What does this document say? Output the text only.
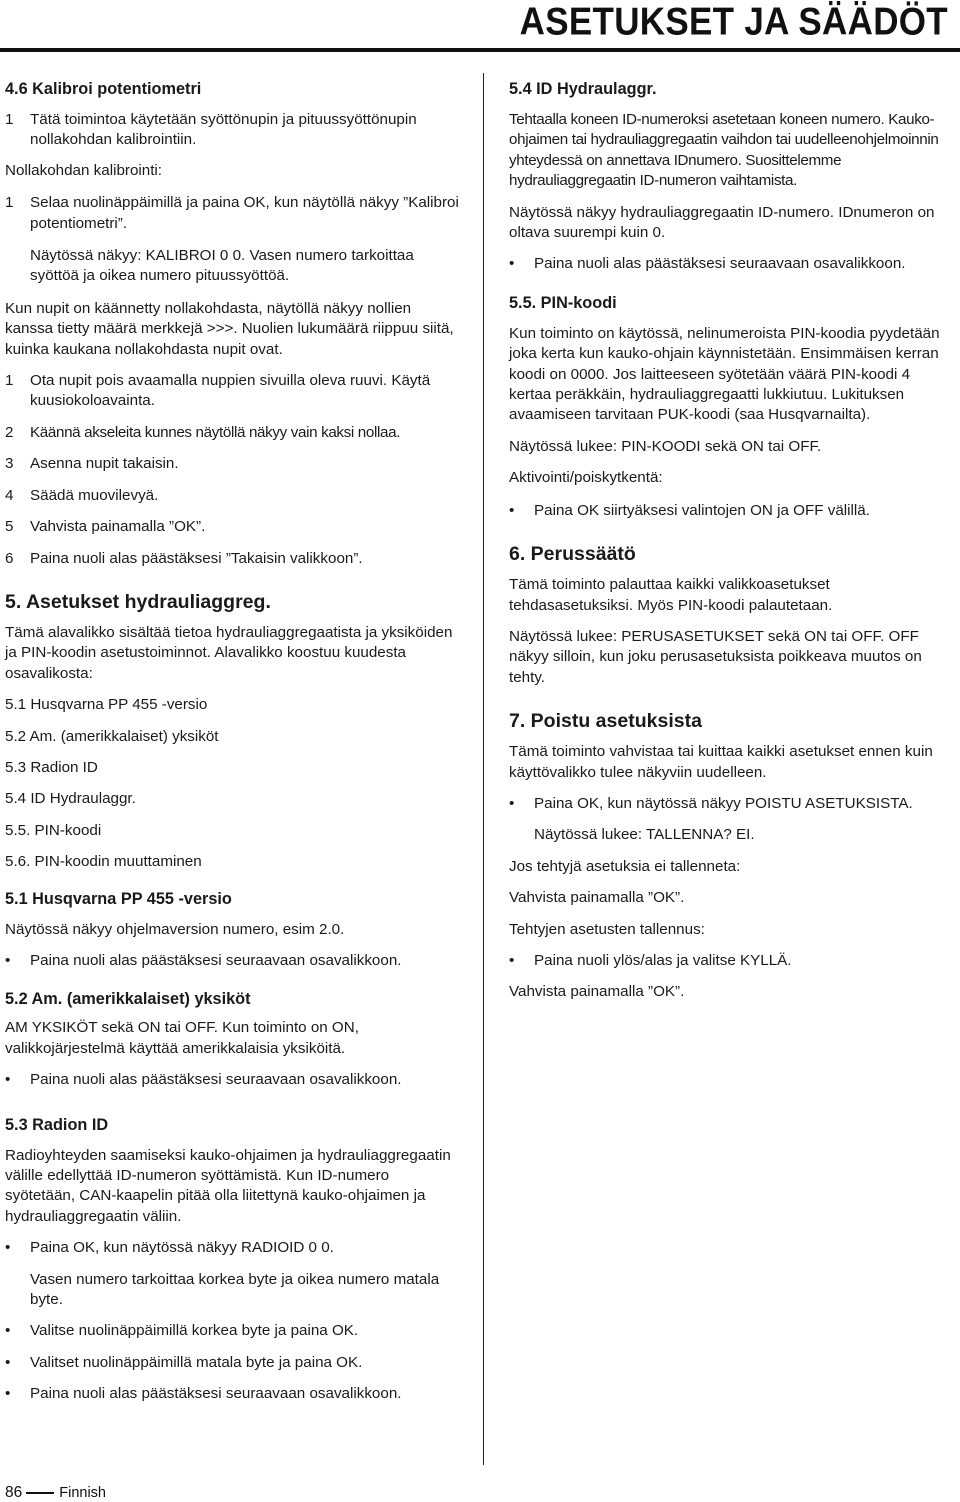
ASETUKSET JA SÄÄDÖT
4.6 Kalibroi potentiometri
1	Tätä toimintoa käytetään syöttönupin ja pituussyöttönupin nollakohdan kalibrointiin.

Nollakohdan kalibrointi:

1	Selaa nuolinäppäimillä ja paina OK, kun näytöllä näkyy ”Kalibroi potentiometri”.

Näytössä näkyy: KALIBROI 0 0. Vasen numero tarkoittaa syöttöä ja oikea numero pituussyöttöä.

Kun nupit on käännetty nollakohdasta, näytöllä näkyy nollien kanssa tietty määrä merkkejä >>>. Nuolien lukumäärä riippuu siitä, kuinka kaukana nollakohdasta nupit ovat.

1	Ota nupit pois avaamalla nuppien sivuilla oleva ruuvi. Käytä kuusiokoloavainta.
2	Käännä akseleita kunnes näytöllä näkyy vain kaksi nollaa.
3	Asenna nupit takaisin.
4	Säädä muovilevyä.
5	Vahvista painamalla ”OK”.
6	Paina nuoli alas päästäksesi ”Takaisin valikkoon”.
5. Asetukset hydrauliaggreg.

Tämä alavalikko sisältää tietoa hydrauliaggregaatista ja yksiköiden ja PIN-koodin asetustoiminnot. Alavalikko koostuu kuudesta osavalikosta:

5.1 Husqvarna PP 455 -versio

5.2 Am. (amerikkalaiset) yksiköt

5.3 Radion ID

5.4 ID Hydraulaggr.

5.5. PIN-koodi

5.6. PIN-koodin muuttaminen

5.1 Husqvarna PP 455 -versio

Näytössä näkyy ohjelmaversion numero, esim 2.0.

•	Paina nuoli alas päästäksesi seuraavaan osavalikkoon.
5.2 Am. (amerikkalaiset) yksiköt

AM YKSIKÖT sekä ON tai OFF. Kun toiminto on ON, valikkojärjestelmä käyttää amerikkalaisia yksiköitä.

•	Paina nuoli alas päästäksesi seuraavaan osavalikkoon.
5.3 Radion ID

Radioyhteyden saamiseksi kauko-ohjaimen ja hydrauliaggregaatin välille edellyttää ID-numeron syöttämistä. Kun ID-numero syötetään, CAN-kaapelin pitää olla liitettynä kauko-ohjaimen ja hydrauliaggregaatin väliin.

•	Paina OK, kun näytössä näkyy RADIOID 0 0.

Vasen numero tarkoittaa korkea byte ja oikea numero matala byte.

•	Valitse nuolinäppäimillä korkea byte ja paina OK.
•	Valitset nuolinäppäimillä matala byte ja paina OK.
•	Paina nuoli alas päästäksesi seuraavaan osavalikkoon.
5.4 ID Hydraulaggr.

Tehtaalla koneen ID-numeroksi asetetaan koneen numero. Kauko-ohjaimen tai hydrauliaggregaatin vaihdon tai uudelleenohjelmoinnin yhteydessä on annettava IDnumero. Suosittelemme hydrauliaggregaatin ID-numeron vaihtamista.

Näytössä näkyy hydrauliaggregaatin ID-numero. IDnumeron on oltava suurempi kuin 0.

•	Paina nuoli alas päästäksesi seuraavaan osavalikkoon.
5.5. PIN-koodi

Kun toiminto on käytössä, nelinumeroista PIN-koodia pyydetään joka kerta kun kauko-ohjain käynnistetään. Ensimmäisen kerran koodi on 0000. Jos laitteeseen syötetään väärä PIN-koodi 4 kertaa peräkkäin, hydrauliaggregaatti lukkiutuu. Lukituksen avaamiseen tarvitaan PUK-koodi (saa Husqvarnailta).

Näytössä lukee: PIN-KOODI sekä ON tai OFF.

Aktivointi/poiskytkentä:

•	Paina OK siirtyäksesi valintojen ON ja OFF välillä.
6. Perussäätö

Tämä toiminto palauttaa kaikki valikkoasetukset tehdasasetuksiksi. Myös PIN-koodi palautetaan.

Näytössä lukee: PERUSASETUKSET sekä ON tai OFF. OFF näkyy silloin, kun joku perusasetuksista poikkeava muutos on tehty.

7. Poistu asetuksista

Tämä toiminto vahvistaa tai kuittaa kaikki asetukset ennen kuin käyttövalikko tulee näkyviin uudelleen.

•	Paina OK, kun näytössä näkyy POISTU ASETUKSISTA.

Näytössä lukee: TALLENNA? EI.

Jos tehtyjä asetuksia ei tallenneta:

Vahvista painamalla ”OK”.

Tehtyjen asetusten tallennus:

•	Paina nuoli ylös/alas ja valitse KYLLÄ.

Vahvista painamalla ”OK”.

86	Finnish
